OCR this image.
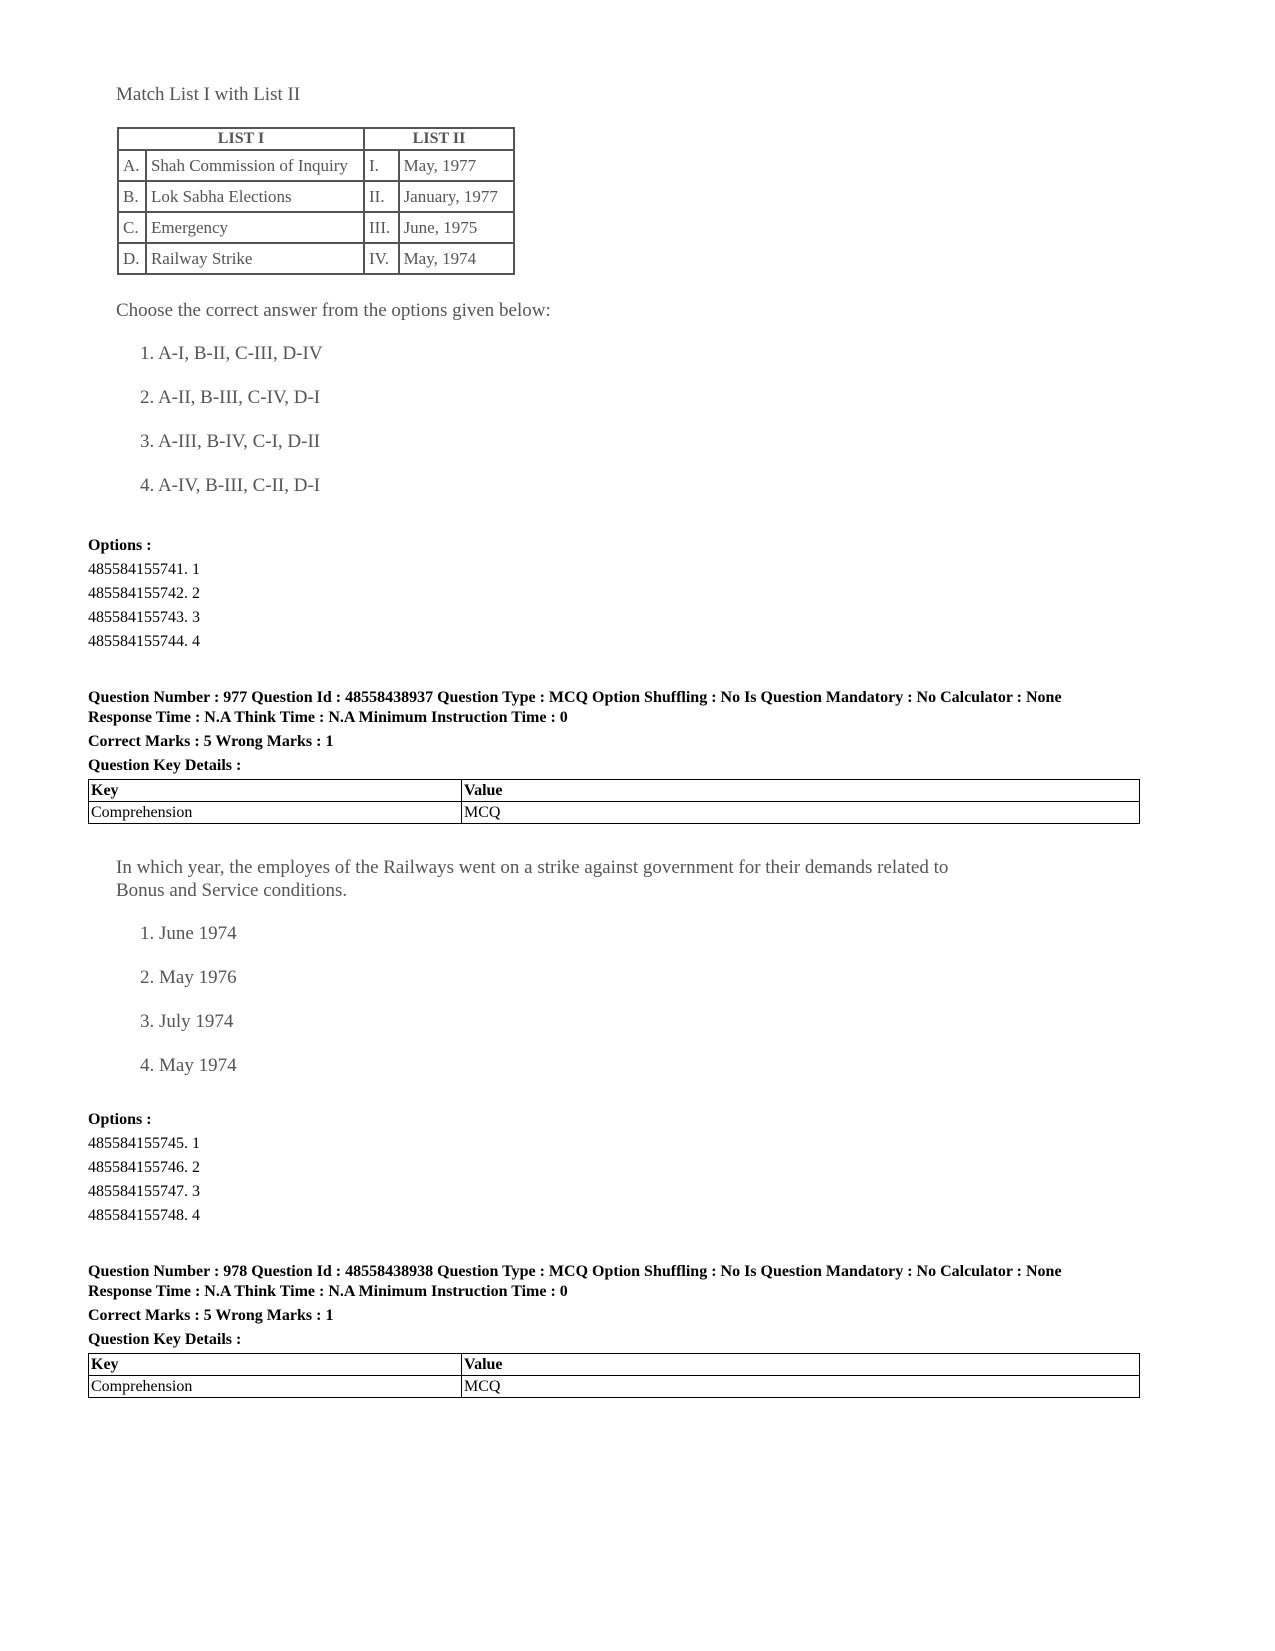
Match List I with List II
LIST I		LIST II	
A.	Shah Commission of Inquiry	I.	May, 1977
B.	Lok Sabha Elections	II.	January, 1977
C.	Emergency	III.	June, 1975
D.	Railway Strike	IV.	May, 1974
Choose the correct answer from the options given below:
1. A-I, B-II, C-III, D-IV
2. A-II, B-III, C-IV, D-I
3. A-III, B-IV, C-I, D-II
4. A-IV, B-III, C-II, D-I
Options :
485584155741. 1
485584155742. 2
485584155743. 3
485584155744. 4
Question Number : 977 Question Id : 48558438937 Question Type : MCQ Option Shuffling : No Is Question Mandatory : No Calculator : None
Response Time : N.A Think Time : N.A Minimum Instruction Time : 0
Correct Marks : 5 Wrong Marks : 1
Question Key Details :
Key	Value
Comprehension	MCQ
In which year, the employes of the Railways went on a strike against government for their demands related to
Bonus and Service conditions.
1. June 1974
2. May 1976
3. July 1974
4. May 1974
Options :
485584155745. 1
485584155746. 2
485584155747. 3
485584155748. 4
Question Number : 978 Question Id : 48558438938 Question Type : MCQ Option Shuffling : No Is Question Mandatory : No Calculator : None
Response Time : N.A Think Time : N.A Minimum Instruction Time : 0
Correct Marks : 5 Wrong Marks : 1
Question Key Details :
Key	Value
Comprehension	MCQ
